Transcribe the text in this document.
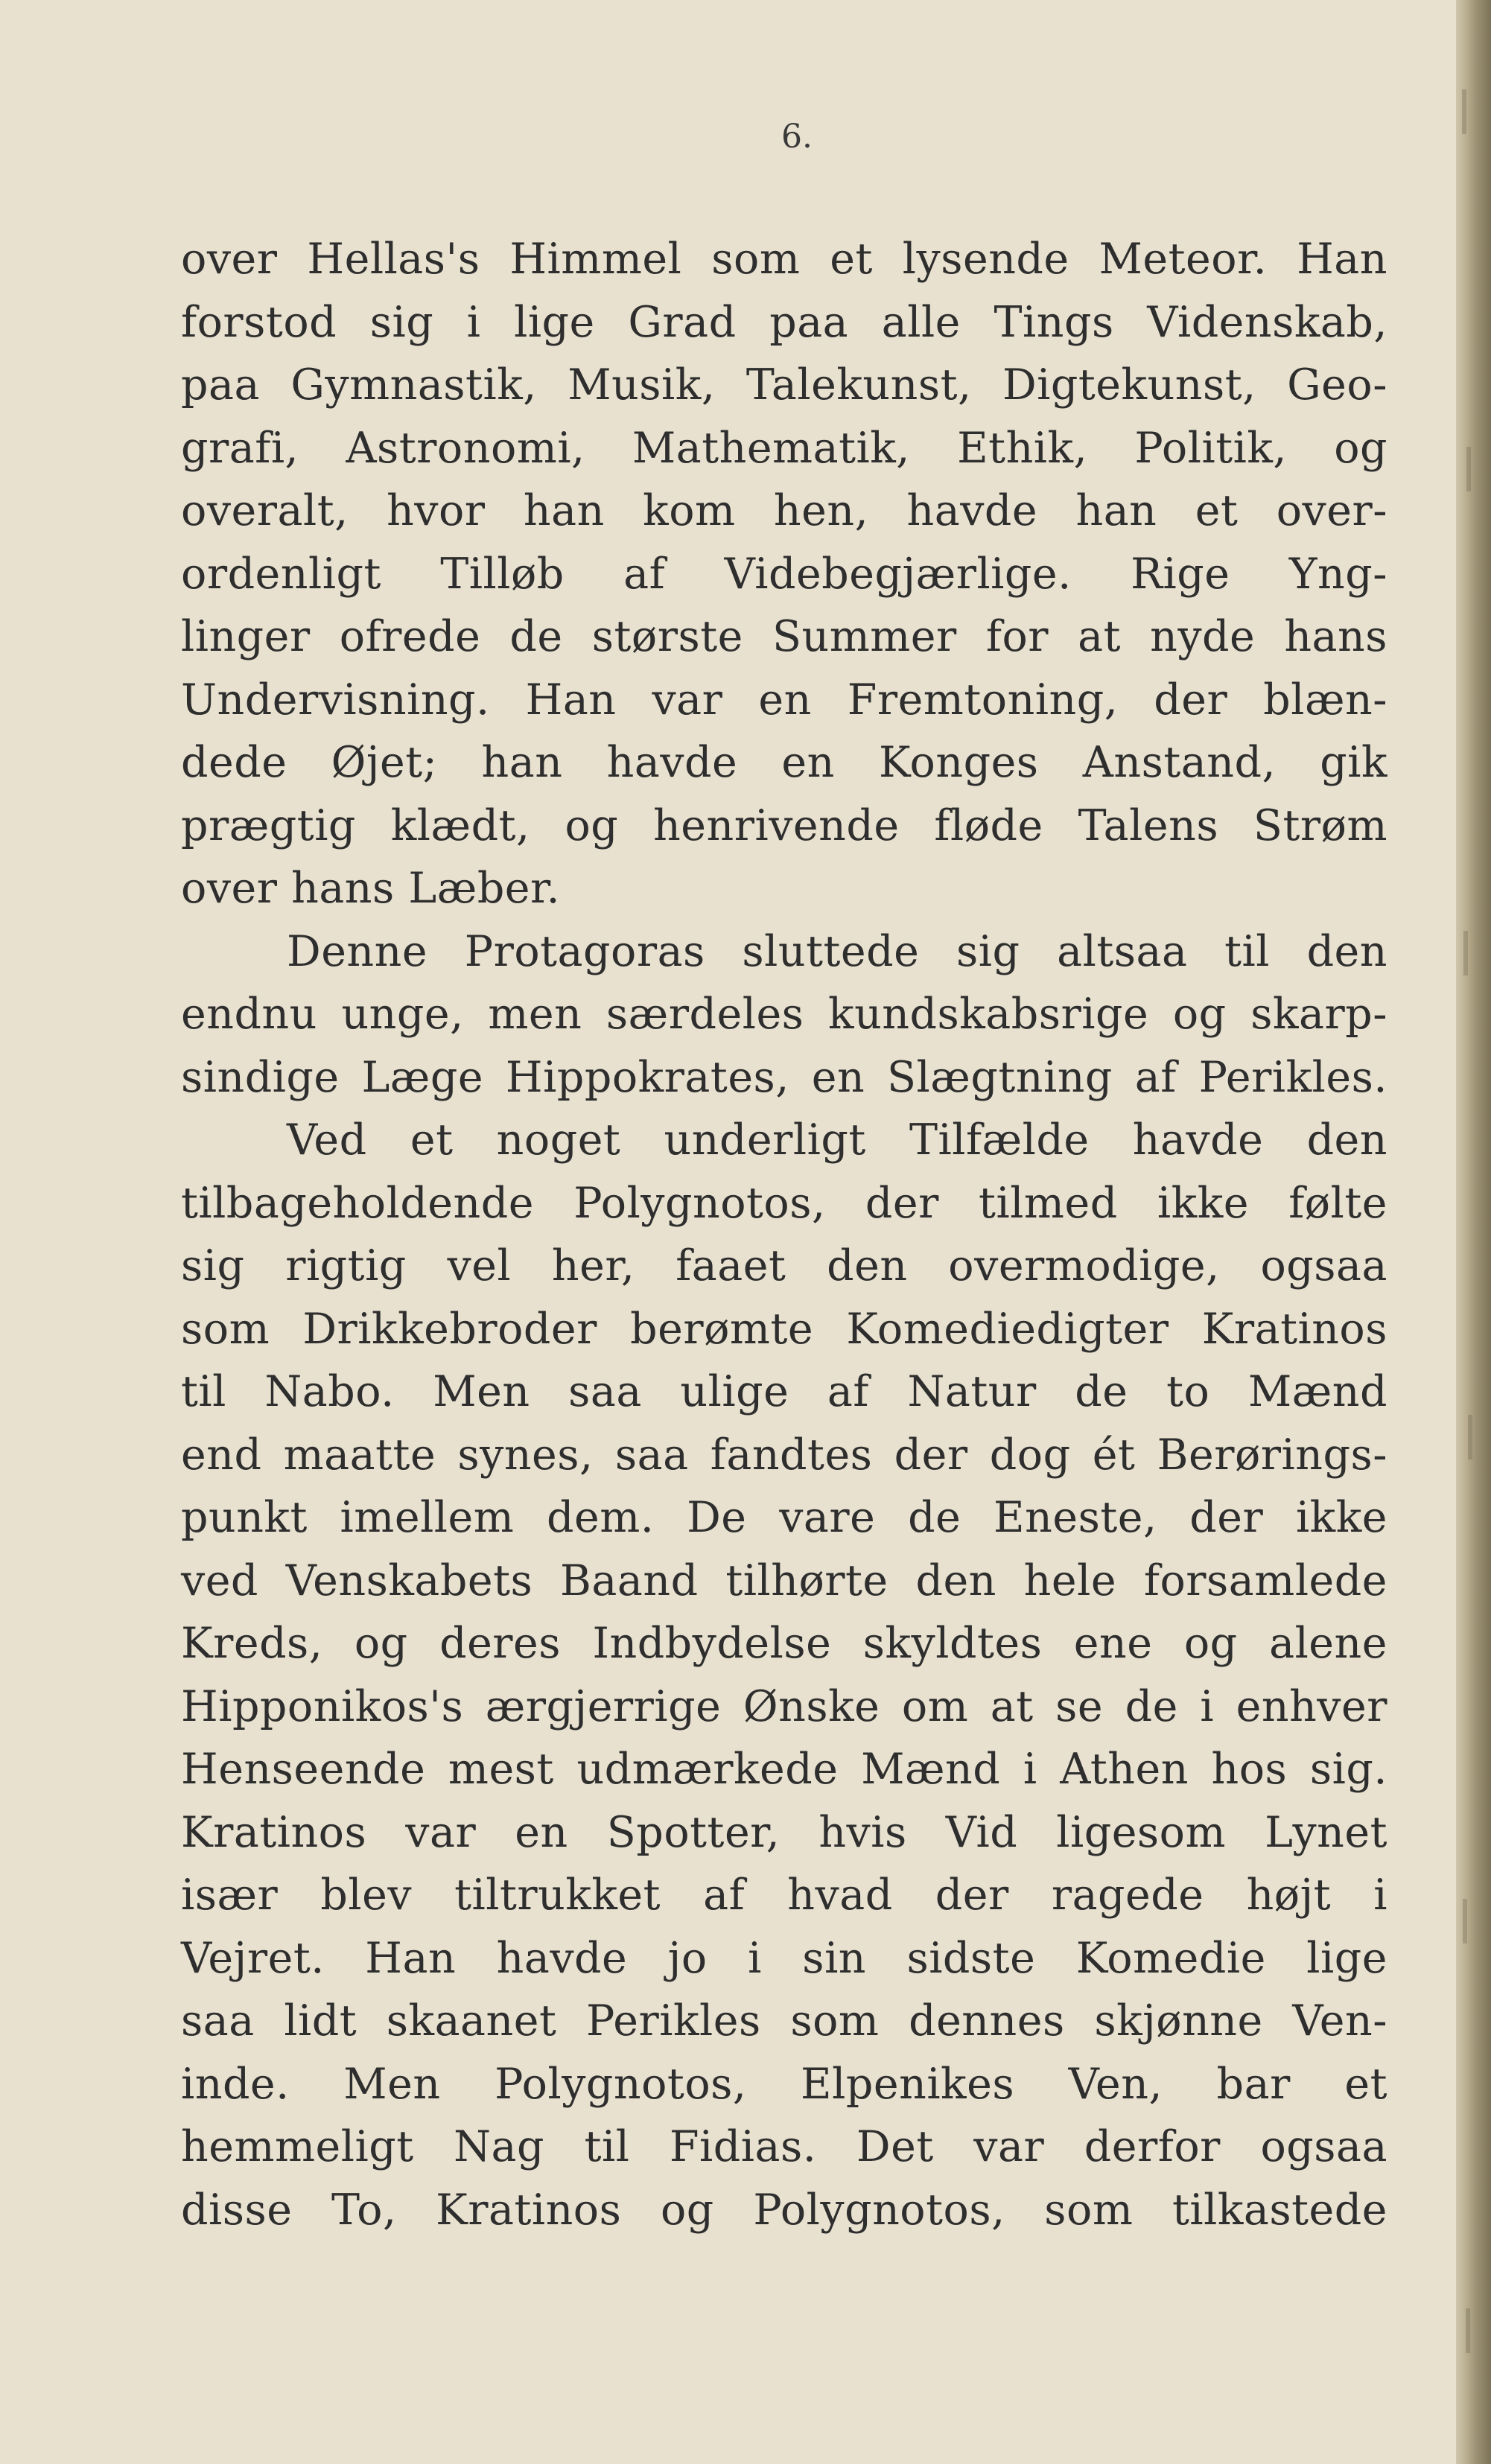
6.
over Hellas's Himmel som et lysende Meteor. Han
forstod sig i lige Grad paa alle Tings Videnskab,
paa Gymnastik, Musik, Talekunst, Digtekunst, Geo-
grafi, Astronomi, Mathematik, Ethik, Politik, og
overalt, hvor han kom hen, havde han et over-
ordenligt Tilløb af Videbegjærlige. Rige Yng-
linger ofrede de største Summer for at nyde hans
Undervisning. Han var en Fremtoning, der blæn-
dede Øjet; han havde en Konges Anstand, gik
prægtig klædt, og henrivende fløde Talens Strøm
over hans Læber.
Denne Protagoras sluttede sig altsaa til den
endnu unge, men særdeles kundskabsrige og skarp-
sindige Læge Hippokrates, en Slægtning af Perikles.
Ved et noget underligt Tilfælde havde den
tilbageholdende Polygnotos, der tilmed ikke følte
sig rigtig vel her, faaet den overmodige, ogsaa
som Drikkebroder berømte Komediedigter Kratinos
til Nabo. Men saa ulige af Natur de to Mænd
end maatte synes, saa fandtes der dog ét Berørings-
punkt imellem dem. De vare de Eneste, der ikke
ved Venskabets Baand tilhørte den hele forsamlede
Kreds, og deres Indbydelse skyldtes ene og alene
Hipponikos's ærgjerrige Ønske om at se de i enhver
Henseende mest udmærkede Mænd i Athen hos sig.
Kratinos var en Spotter, hvis Vid ligesom Lynet
især blev tiltrukket af hvad der ragede højt i
Vejret. Han havde jo i sin sidste Komedie lige
saa lidt skaanet Perikles som dennes skjønne Ven-
inde. Men Polygnotos, Elpenikes Ven, bar et
hemmeligt Nag til Fidias. Det var derfor ogsaa
disse To, Kratinos og Polygnotos, som tilkastede
